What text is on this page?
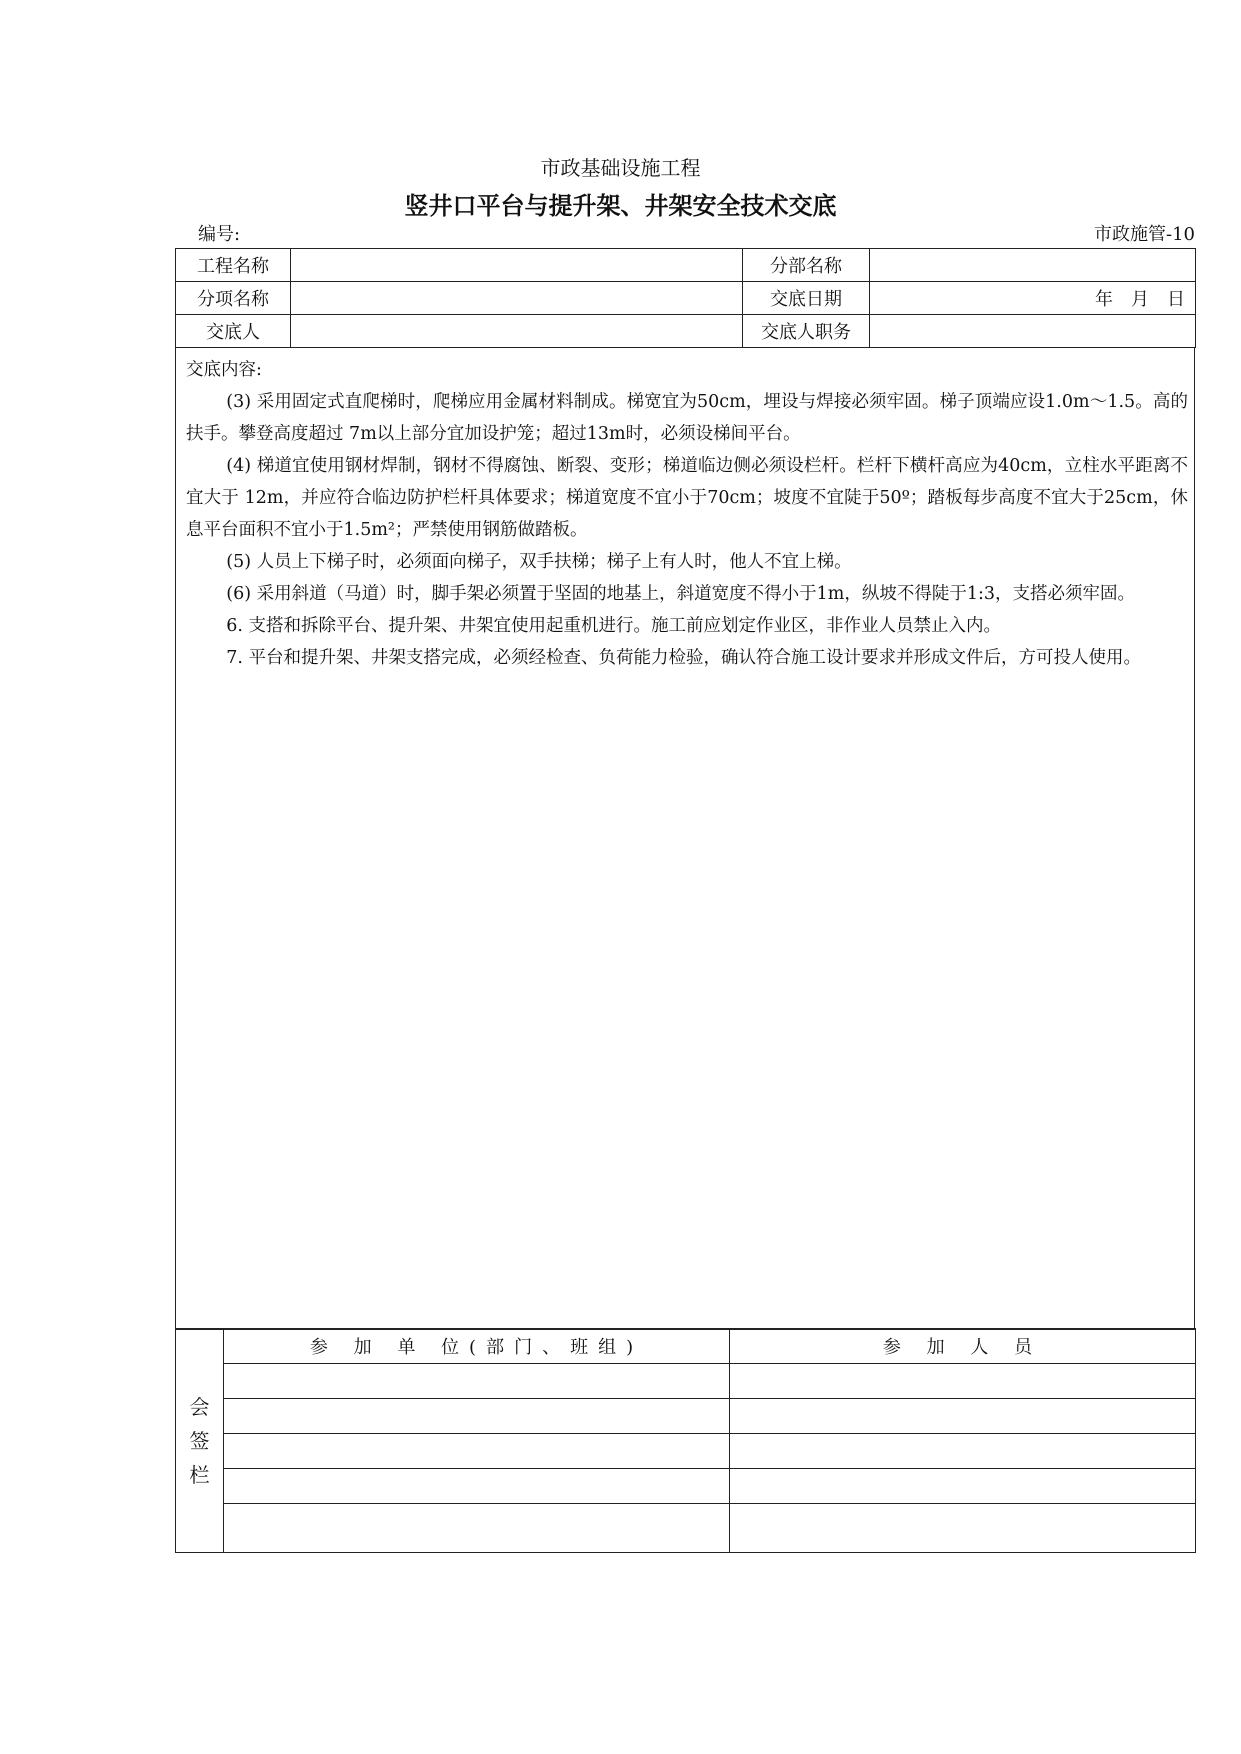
市政基础设施工程
竖井口平台与提升架、井架安全技术交底
编号:	市政施管-10
工程名称		分部名称	
分项名称		交底日期	年　月　日
交底人		交底人职务	

交底内容:

(3) 采用固定式直爬梯时，爬梯应用金属材料制成。梯宽宜为50cm，埋设与焊接必须牢固。梯子顶端应设1.0m～1.5。高的扶手。攀登高度超过 7m以上部分宜加设护笼；超过13m时，必须设梯间平台。

(4) 梯道宜使用钢材焊制，钢材不得腐蚀、断裂、变形；梯道临边侧必须设栏杆。栏杆下横杆高应为40cm，立柱水平距离不宜大于 12m，并应符合临边防护栏杆具体要求；梯道宽度不宜小于70cm；坡度不宜陡于50º；踏板每步高度不宜大于25cm，休息平台面积不宜小于1.5m²；严禁使用钢筋做踏板。

(5) 人员上下梯子时，必须面向梯子，双手扶梯；梯子上有人时，他人不宜上梯。

(6) 采用斜道（马道）时，脚手架必须置于坚固的地基上，斜道宽度不得小于1m，纵坡不得陡于1:3，支搭必须牢固。

6. 支搭和拆除平台、提升架、井架宜使用起重机进行。施工前应划定作业区，非作业人员禁止入内。

7. 平台和提升架、井架支搭完成，必须经检查、负荷能力检验，确认符合施工设计要求并形成文件后，方可投人使用。

会
签
栏	参 加 单 位(部门、班组)	参 加 人 员
